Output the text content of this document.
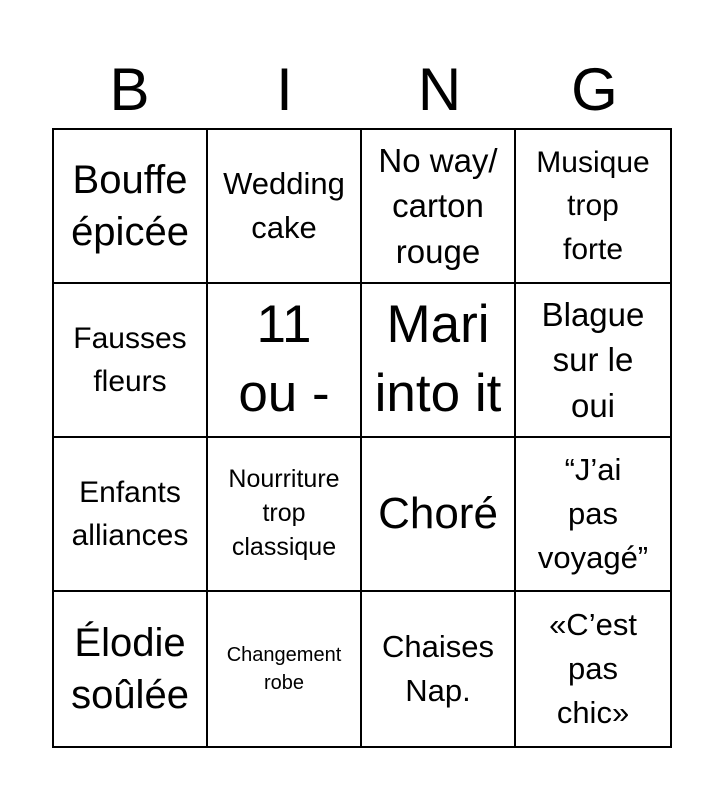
B	I	N	G
Bouffe
épicée
Wedding
cake
No way/
carton
rouge
Musique
trop
forte
Fausses
fleurs
11
ou -
Mari
into it
Blague
sur le
oui
Enfants
alliances
Nourriture
trop
classique
Choré
“J’ai
pas
voyagé”
Élodie
soûlée
Changement
robe
Chaises
Nap.
«C’est
pas
chic»
